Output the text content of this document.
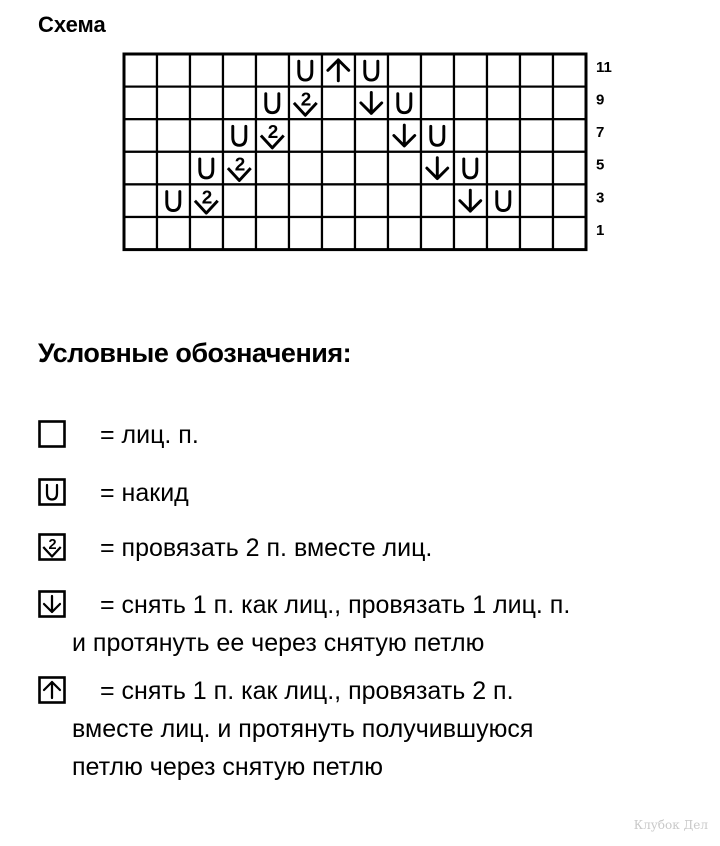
Схема
2
2
2
2
11
9
7
5
3
1
Условные обозначения:
= лиц. п.
= накид
2 = провязать 2 п. вместе лиц.
= снять 1 п. как лиц., провязать 1 лиц. п.
и протянуть ее через снятую петлю
= снять 1 п. как лиц., провязать 2 п.
вместе лиц. и протянуть получившуюся
петлю через снятую петлю
Клубок Дел
